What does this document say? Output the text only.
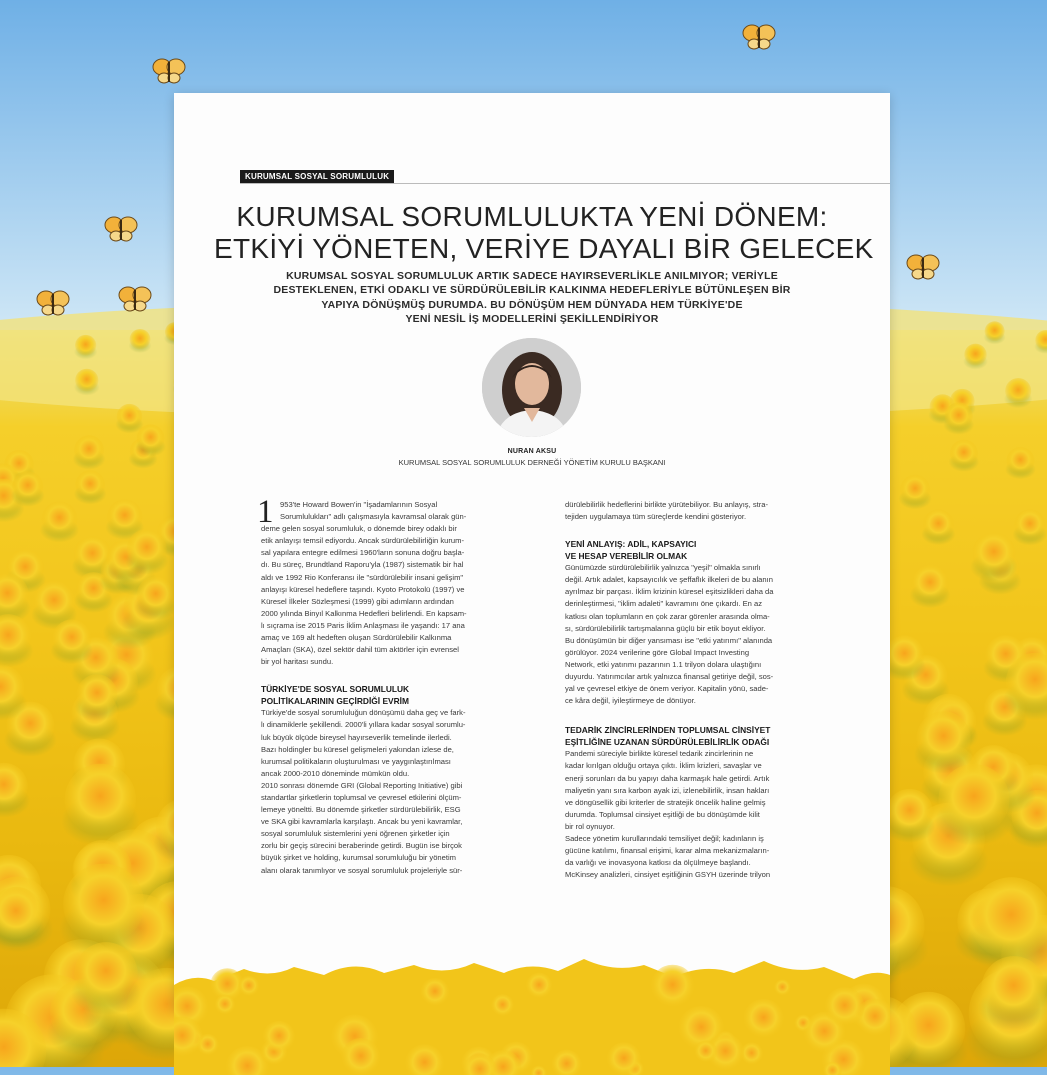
KURUMSAL SOSYAL SORUMLULUK
KURUMSAL SORUMLULUKTA YENİ DÖNEM:
ETKİYİ YÖNETEN, VERİYE DAYALI BİR GELECEK
KURUMSAL SOSYAL SORUMLULUK ARTIK SADECE HAYIRSEVERLİKLE ANILMIYOR; VERİYLE
DESTEKLENEN, ETKİ ODAKLI VE SÜRDÜRÜLEBİLİR KALKINMA HEDEFLERİYLE BÜTÜNLEŞEN BİR
YAPIYA DÖNÜŞMÜŞ DURUMDA. BU DÖNÜŞÜM HEM DÜNYADA HEM TÜRKİYE'DE
YENİ NESİL İŞ MODELLERİNİ ŞEKİLLENDİRİYOR
NURAN AKSU
KURUMSAL SOSYAL SORUMLULUK DERNEĞİ YÖNETİM KURULU BAŞKANI
1 953'te Howard Bowen'in "İşadamlarının Sosyal
Sorumlulukları" adlı çalışmasıyla kavramsal olarak gün-
deme gelen sosyal sorumluluk, o dönemde birey odaklı bir
etik anlayışı temsil ediyordu. Ancak sürdürülebilirliğin kurum-
sal yapılara entegre edilmesi 1960'ların sonuna doğru başla-
dı. Bu süreç, Brundtland Raporu'yla (1987) sistematik bir hal
aldı ve 1992 Rio Konferansı ile "sürdürülebilir insani gelişim"
anlayışı küresel hedeflere taşındı. Kyoto Protokolü (1997) ve
Küresel İlkeler Sözleşmesi (1999) gibi adımların ardından
2000 yılında Binyıl Kalkınma Hedefleri belirlendi. En kapsam-
lı sıçrama ise 2015 Paris İklim Anlaşması ile yaşandı: 17 ana
amaç ve 169 alt hedeften oluşan Sürdürülebilir Kalkınma
Amaçları (SKA), özel sektör dahil tüm aktörler için evrensel
bir yol haritası sundu.
TÜRKİYE'DE SOSYAL SORUMLULUK
POLİTİKALARININ GEÇİRDİĞİ EVRİM
Türkiye'de sosyal sorumluluğun dönüşümü daha geç ve fark-
lı dinamiklerle şekillendi. 2000'li yıllara kadar sosyal sorumlu-
luk büyük ölçüde bireysel hayırseverlik temelinde ilerledi.
Bazı holdingler bu küresel gelişmeleri yakından izlese de,
kurumsal politikaların oluşturulması ve yaygınlaştırılması
ancak 2000-2010 döneminde mümkün oldu.
2010 sonrası dönemde GRI (Global Reporting Initiative) gibi
standartlar şirketlerin toplumsal ve çevresel etkilerini ölçüm-
lemeye yöneltti. Bu dönemde şirketler sürdürülebilirlik, ESG
ve SKA gibi kavramlarla karşılaştı. Ancak bu yeni kavramlar,
sosyal sorumluluk sistemlerini yeni öğrenen şirketler için
zorlu bir geçiş sürecini beraberinde getirdi. Bugün ise birçok
büyük şirket ve holding, kurumsal sorumluluğu bir yönetim
alanı olarak tanımlıyor ve sosyal sorumluluk projeleriyle sür-
dürülebilirlik hedeflerini birlikte yürütebiliyor. Bu anlayış, stra-
tejiden uygulamaya tüm süreçlerde kendini gösteriyor.
YENİ ANLAYIŞ: ADİL, KAPSAYICI
VE HESAP VEREBİLİR OLMAK
Günümüzde sürdürülebilirlik yalnızca "yeşil" olmakla sınırlı
değil. Artık adalet, kapsayıcılık ve şeffaflık ilkeleri de bu alanın
ayrılmaz bir parçası. İklim krizinin küresel eşitsizlikleri daha da
derinleştirmesi, "iklim adaleti" kavramını öne çıkardı. En az
katkısı olan toplumların en çok zarar görenler arasında olma-
sı, sürdürülebilirlik tartışmalarına güçlü bir etik boyut ekliyor.
Bu dönüşümün bir diğer yansıması ise "etki yatırımı" alanında
görülüyor. 2024 verilerine göre Global Impact Investing
Network, etki yatırımı pazarının 1.1 trilyon dolara ulaştığını
duyurdu. Yatırımcılar artık yalnızca finansal getiriye değil, sos-
yal ve çevresel etkiye de önem veriyor. Kapitalin yönü, sade-
ce kâra değil, iyileştirmeye de dönüyor.
TEDARİK ZİNCİRLERİNDEN TOPLUMSAL CİNSİYET
EŞİTLİĞİNE UZANAN SÜRDÜRÜLEBİLİRLİK ODAĞI
Pandemi süreciyle birlikte küresel tedarik zincirlerinin ne
kadar kırılgan olduğu ortaya çıktı. İklim krizleri, savaşlar ve
enerji sorunları da bu yapıyı daha karmaşık hale getirdi. Artık
maliyetin yanı sıra karbon ayak izi, izlenebilirlik, insan hakları
ve döngüsellik gibi kriterler de stratejik öncelik haline gelmiş
durumda. Toplumsal cinsiyet eşitliği de bu dönüşümde kilit
bir rol oynuyor.
Sadece yönetim kurullarındaki temsiliyet değil; kadınların iş
gücüne katılımı, finansal erişimi, karar alma mekanizmaların-
da varlığı ve inovasyona katkısı da ölçülmeye başlandı.
McKinsey analizleri, cinsiyet eşitliğinin GSYH üzerinde trilyon
